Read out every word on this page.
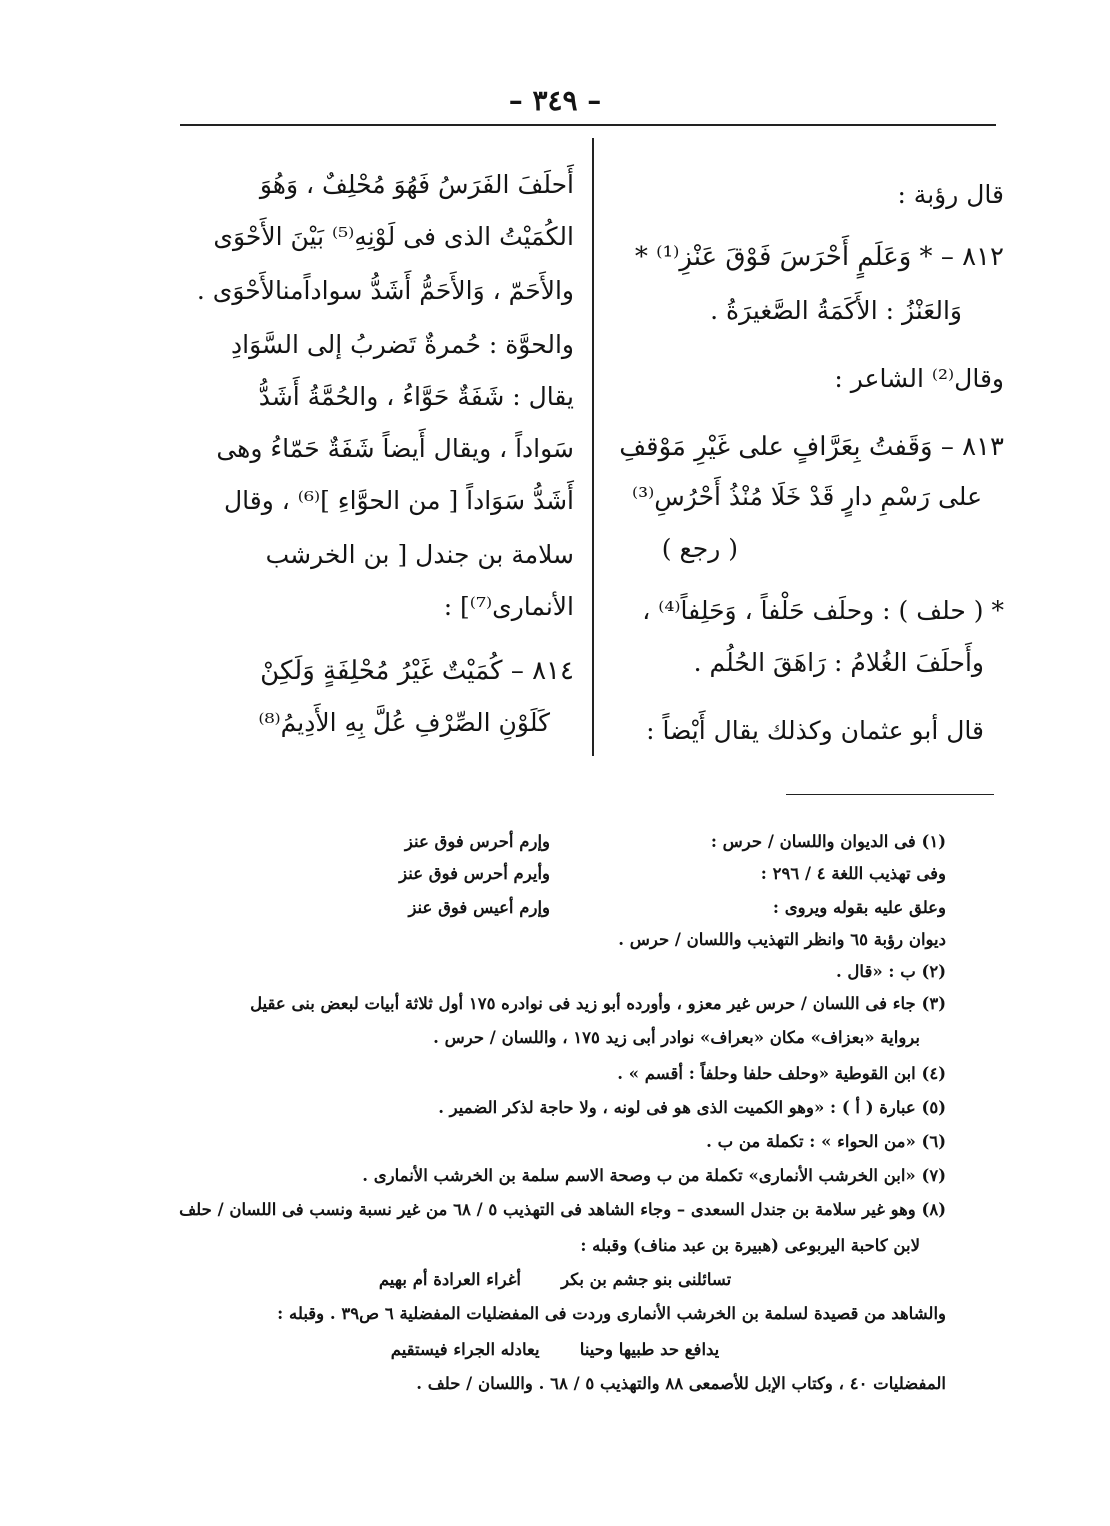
– ٣٤٩ –
قال رؤبة :
٨١٢ – * وَعَلَمٍ أَحْرَسَ فَوْقَ عَنْزِ⁽¹⁾ *
وَالعَنْزُ : الأَكَمَةُ الصَّغيرَةُ .
وقال⁽²⁾ الشاعر :
٨١٣ – وَقَفتُ بِعَرَّافٍ على غَيْرِ مَوْقفِ
على رَسْمِ دارٍ قَدْ خَلَا مُنْذُ أَحْرُسِ⁽³⁾
( رجع )
* ( حلف ) : وحلَف حَلْفاً ، وَحَلِفاً⁽⁴⁾ ،
وأَحلَفَ الغُلامُ : رَاهَقَ الحُلُم .
قال أبو عثمان وكذلك يقال أَيْضاً :
أَحلَفَ الفَرَسُ فَهُوَ مُحْلِفٌ ، وَهُوَ
الكُمَيْتُ الذى فى لَوْنِهِ⁽⁵⁾ بَيْنَ الأَحْوَى
والأَحَمّ ، وَالأَحَمُّ أَشَدُّ سواداًمنالأَحْوَى .
والحوَّة : حُمرةٌ تَضربُ إلى السَّوَادِ
يقال : شَفَةٌ حَوَّاءُ ، والحُمَّةُ أَشَدُّ
سَواداً ، ويقال أَيضاً شَفَةٌ حَمّاءُ وهى
أَشَدُّ سَوَاداً [ من الحوَّاءِ ]⁽⁶⁾ ، وقال
سلامة بن جندل [ بن الخرشب
الأنمارى⁽⁷⁾] :
٨١٤ – كُمَيْتٌ غَيْرُ مُحْلِفَةٍ وَلَكِنْ
كَلَوْنِ الصِّرْفِ عُلَّ بِهِ الأَدِيمُ⁽⁸⁾
(١) فى الديوان واللسان / حرس :
وإرم أحرس فوق عنز
وفى تهذيب اللغة ٤ / ٢٩٦ :
وأيرم أحرس فوق عنز
وعلق عليه بقوله ويروى :
وإرم أعيس فوق عنز
ديوان رؤبة ٦٥ وانظر التهذيب واللسان / حرس .
(٢) ب : «قال .
(٣) جاء فى اللسان / حرس غير معزو ، وأورده أبو زيد فى نوادره ١٧٥ أول ثلاثة أبيات لبعض بنى عقيل
برواية «بعزاف» مكان «بعراف» نوادر أبى زيد ١٧٥ ، واللسان / حرس .
(٤) ابن القوطية «وحلف حلفا وحلفاً : أقسم » .
(٥) عبارة ( أ ) : «وهو الكميت الذى هو فى لونه ، ولا حاجة لذكر الضمير .
(٦) «من الحواء » : تكملة من ب .
(٧) «ابن الخرشب الأنمارى» تكملة من ب وصحة الاسم سلمة بن الخرشب الأنمارى .
(٨) وهو غير سلامة بن جندل السعدى – وجاء الشاهد فى التهذيب ٥ / ٦٨ من غير نسبة ونسب فى اللسان / حلف
لابن كاحبة اليربوعى (هبيرة بن عبد مناف) وقبله :
تسائلنى بنو جشم بن بكر       أغراء العرادة أم بهيم
والشاهد من قصيدة لسلمة بن الخرشب الأنمارى وردت فى المفضليات المفضلية ٦ ص٣٩ . وقبله :
يدافع حد طبيها وحينا       يعادله الجراء فيستقيم
المفضليات ٤٠ ، وكتاب الإبل للأصمعى ٨٨ والتهذيب ٥ / ٦٨ . واللسان / حلف .
